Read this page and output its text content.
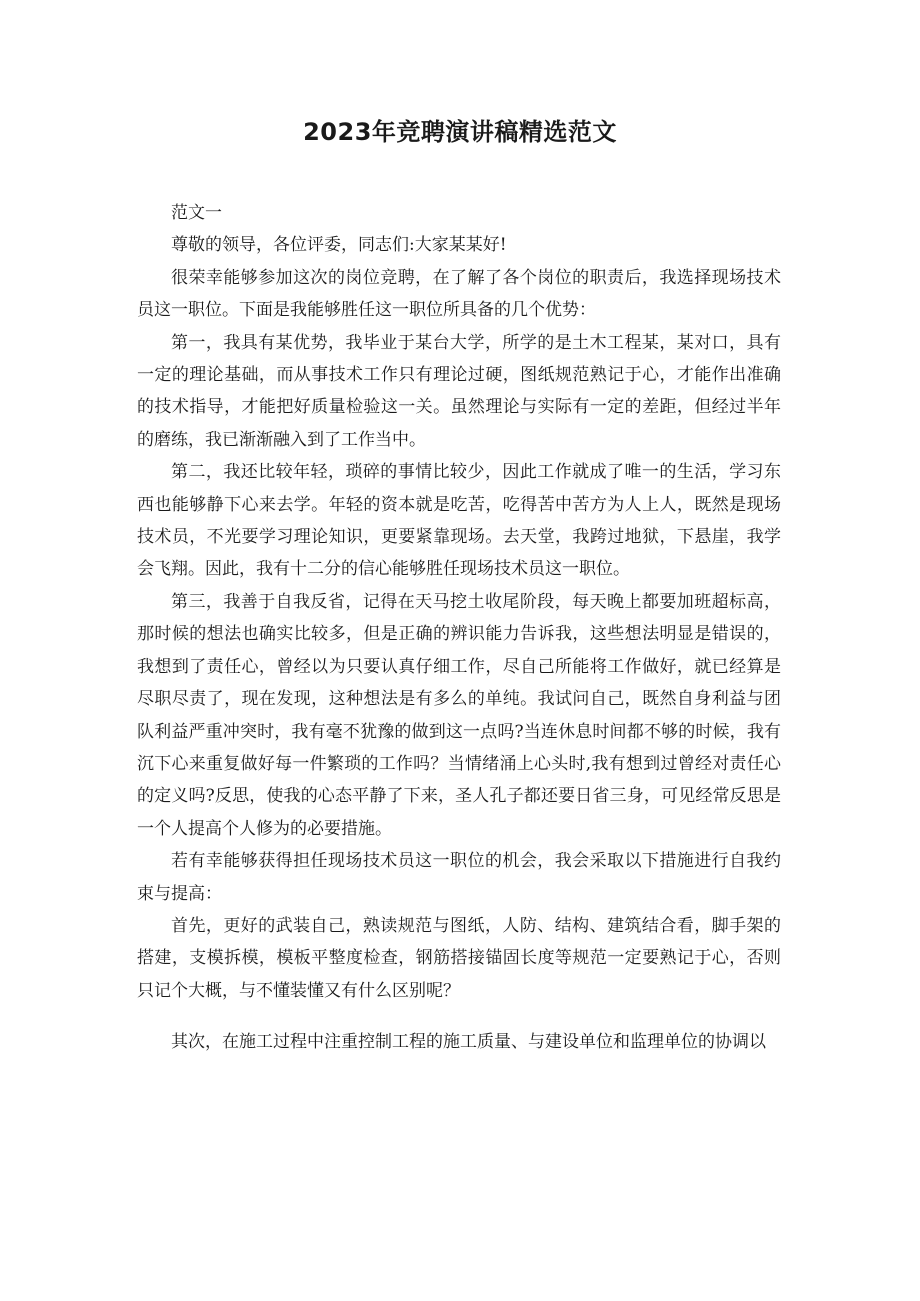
2023年竞聘演讲稿精选范文

范文一

尊敬的领导，各位评委，同志们:大家某某好!

很荣幸能够参加这次的岗位竞聘，在了解了各个岗位的职责后，我选择现场技术员这一职位。下面是我能够胜任这一职位所具备的几个优势：

第一，我具有某优势，我毕业于某台大学，所学的是土木工程某，某对口，具有一定的理论基础，而从事技术工作只有理论过硬，图纸规范熟记于心，才能作出准确的技术指导，才能把好质量检验这一关。虽然理论与实际有一定的差距，但经过半年的磨练，我已渐渐融入到了工作当中。

第二，我还比较年轻，琐碎的事情比较少，因此工作就成了唯一的生活，学习东西也能够静下心来去学。年轻的资本就是吃苦，吃得苦中苦方为人上人，既然是现场技术员，不光要学习理论知识，更要紧靠现场。去天堂，我跨过地狱，下悬崖，我学会飞翔。因此，我有十二分的信心能够胜任现场技术员这一职位。

第三，我善于自我反省，记得在天马挖土收尾阶段，每天晚上都要加班超标高，那时候的想法也确实比较多，但是正确的辨识能力告诉我，这些想法明显是错误的，我想到了责任心，曾经以为只要认真仔细工作，尽自己所能将工作做好，就已经算是尽职尽责了，现在发现，这种想法是有多么的单纯。我试问自己，既然自身利益与团队利益严重冲突时，我有毫不犹豫的做到这一点吗?当连休息时间都不够的时候，我有沉下心来重复做好每一件繁琐的工作吗？当情绪涌上心头时,我有想到过曾经对责任心的定义吗?反思，使我的心态平静了下来，圣人孔子都还要日省三身，可见经常反思是一个人提高个人修为的必要措施。

若有幸能够获得担任现场技术员这一职位的机会，我会采取以下措施进行自我约束与提高：

首先，更好的武装自己，熟读规范与图纸，人防、结构、建筑结合看，脚手架的搭建，支模拆模，模板平整度检查，钢筋搭接锚固长度等规范一定要熟记于心，否则只记个大概，与不懂装懂又有什么区别呢？

其次，在施工过程中注重控制工程的施工质量、与建设单位和监理单位的协调以
